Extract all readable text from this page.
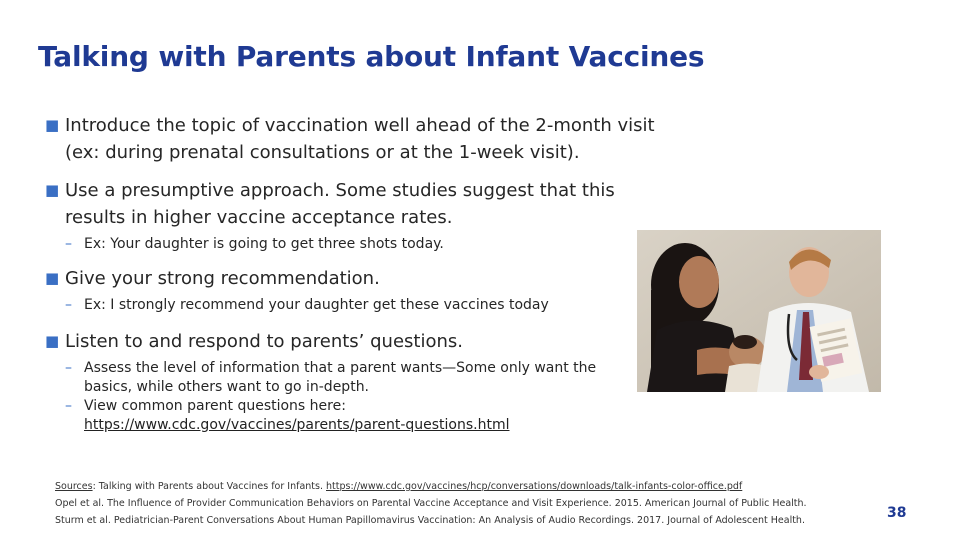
Talking with Parents about Infant Vaccines
■ Introduce the topic of vaccination well ahead of the 2-month visit (ex: during prenatal consultations or at the 1-week visit).
■ Use a presumptive approach. Some studies suggest that this results in higher vaccine acceptance rates.
– Ex: Your daughter is going to get three shots today.
■ Give your strong recommendation.
– Ex: I strongly recommend your daughter get these vaccines today
■ Listen to and respond to parents’ questions.
– Assess the level of information that a parent wants—Some only want the basics, while others want to go in-depth.
– View common parent questions here:
https://www.cdc.gov/vaccines/parents/parent-questions.html
Sources: Talking with Parents about Vaccines for Infants. https://www.cdc.gov/vaccines/hcp/conversations/downloads/talk-infants-color-office.pdf
Opel et al. The Influence of Provider Communication Behaviors on Parental Vaccine Acceptance and Visit Experience. 2015. American Journal of Public Health.
Sturm et al. Pediatrician-Parent Conversations About Human Papillomavirus Vaccination: An Analysis of Audio Recordings. 2017. Journal of Adolescent Health.	38
